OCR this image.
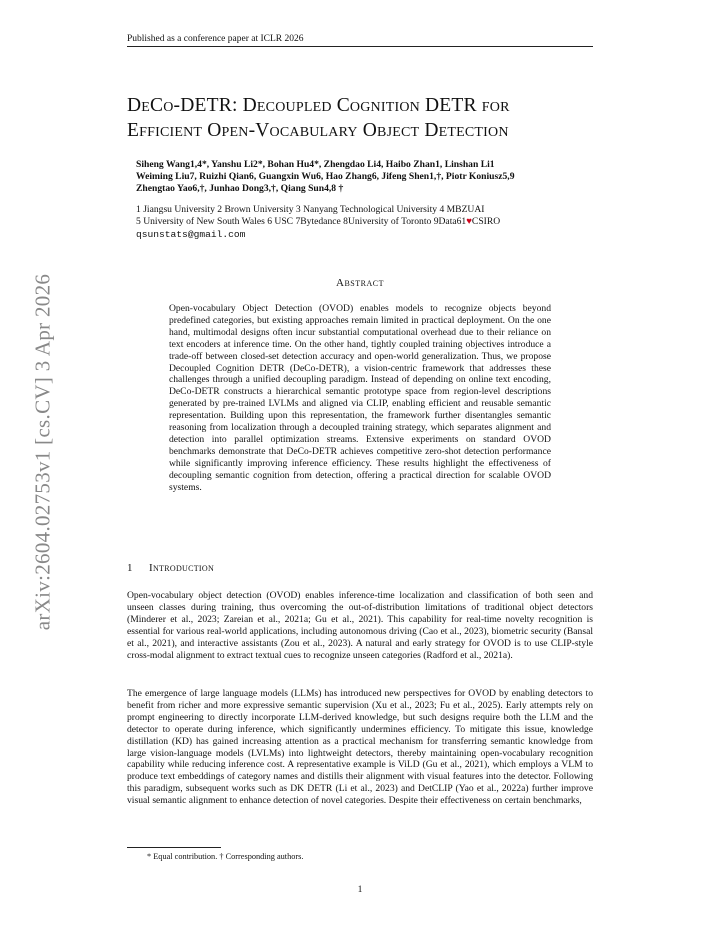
Published as a conference paper at ICLR 2026
arXiv:2604.02753v1 [cs.CV] 3 Apr 2026
DeCo-DETR: Decoupled Cognition DETR for
Efficient Open-Vocabulary Object Detection
Siheng Wang1,4*, Yanshu Li2*, Bohan Hu4*, Zhengdao Li4, Haibo Zhan1, Linshan Li1
Weiming Liu7, Ruizhi Qian6, Guangxin Wu6, Hao Zhang6, Jifeng Shen1,†, Piotr Koniusz5,9
Zhengtao Yao6,†, Junhao Dong3,†, Qiang Sun4,8 †
1 Jiangsu University 2 Brown University 3 Nanyang Technological University 4 MBZUAI
5 University of New South Wales 6 USC 7Bytedance 8University of Toronto 9Data61♥CSIRO
qsunstats@gmail.com
Abstract
Open-vocabulary Object Detection (OVOD) enables models to recognize objects beyond predefined categories, but existing approaches remain limited in practical deployment. On the one hand, multimodal designs often incur substantial computational overhead due to their reliance on text encoders at inference time. On the other hand, tightly coupled training objectives introduce a trade-off between closed-set detection accuracy and open-world generalization. Thus, we propose Decoupled Cognition DETR (DeCo-DETR), a vision-centric framework that addresses these challenges through a unified decoupling paradigm. Instead of depending on online text encoding, DeCo-DETR constructs a hierarchical semantic prototype space from region-level descriptions generated by pre-trained LVLMs and aligned via CLIP, enabling efficient and reusable semantic representation. Building upon this representation, the framework further disentangles semantic reasoning from localization through a decoupled training strategy, which separates alignment and detection into parallel optimization streams. Extensive experiments on standard OVOD benchmarks demonstrate that DeCo-DETR achieves competitive zero-shot detection performance while significantly improving inference efficiency. These results highlight the effectiveness of decoupling semantic cognition from detection, offering a practical direction for scalable OVOD systems.
1 Introduction
Open-vocabulary object detection (OVOD) enables inference-time localization and classification of both seen and unseen classes during training, thus overcoming the out-of-distribution limitations of traditional object detectors (Minderer et al., 2023; Zareian et al., 2021a; Gu et al., 2021). This capability for real-time novelty recognition is essential for various real-world applications, including autonomous driving (Cao et al., 2023), biometric security (Bansal et al., 2021), and interactive assistants (Zou et al., 2023). A natural and early strategy for OVOD is to use CLIP-style cross-modal alignment to extract textual cues to recognize unseen categories (Radford et al., 2021a).
The emergence of large language models (LLMs) has introduced new perspectives for OVOD by enabling detectors to benefit from richer and more expressive semantic supervision (Xu et al., 2023; Fu et al., 2025). Early attempts rely on prompt engineering to directly incorporate LLM-derived knowledge, but such designs require both the LLM and the detector to operate during inference, which significantly undermines efficiency. To mitigate this issue, knowledge distillation (KD) has gained increasing attention as a practical mechanism for transferring semantic knowledge from large vision-language models (LVLMs) into lightweight detectors, thereby maintaining open-vocabulary recognition capability while reducing inference cost. A representative example is ViLD (Gu et al., 2021), which employs a VLM to produce text embeddings of category names and distills their alignment with visual features into the detector. Following this paradigm, subsequent works such as DK DETR (Li et al., 2023) and DetCLIP (Yao et al., 2022a) further improve visual semantic alignment to enhance detection of novel categories. Despite their effectiveness on certain benchmarks,
* Equal contribution. † Corresponding authors.
1
